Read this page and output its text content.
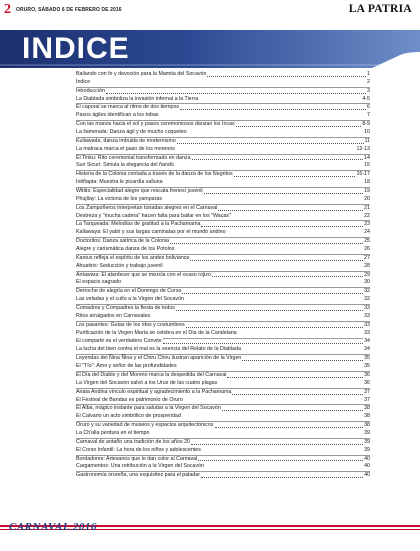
2 ORURO, SÁBADO 6 DE FEBRERO DE 2016	LA PATRIA
INDICE
Bailando con fe y devoción para la Mamita del Socavón	1
Índice	2
Introducción	3
La Diablada simboliza la invasión infernal a la Tierra	4-5
El caporal se marca al ritmo de dos tiempos	6
Pasos ágiles identifican a los tobas	7
Con las manos hacia el sol y pasos ceremoniosos danzan los Incas	8-9
La llamerada: Danza ágil y de mucho coqueteo	10
Kullawada, danza imbuida de modernismo	11
La matraca marca el paso de los morenos	12-13
El Tinku: Rito ceremonial transformado en danza	14
Suri Sicuri: Simula la elegancia del ñandú	15
Historia de la Colonia contada a través de la danza de los Negritos	16-17
Intiñapta: Muestra le picardía valluna	18
Wititis: Especialidad alegre que rescata frenesí juvenil	19
Phujllay: La victoria de los yamparas	20
Los Zampoñeros interpretan tonadas alegres en el Carnaval	21
Destreza y "mucha cadera" hacen falta para bailar en los "Wacas"	22
La Tarqueada: Melodías de gratitud a la Pachamama	23
Kallawaya: El yatiri y sus largas caminatas por el mundo andino	24
Doctoritos: Danza satírica de la Colonia	25
Alegre y carismática danza de los Potolos	26
Kantus refleja el espíritu de los andes bolivianos	27
Ahuatiris: Seducción y trabajo juvenil	28
Antawara: El atardecer que se mezcla con el ocaso rojizo	29
El espacio sagrado	30
Derroche de alegría en el Domingo de Corso	32
Las veladas y el culto a la Virgen del Socavón	32
Comadres y Compadres la fiesta de todos	33
Ritos arraigados en Carnavales	33
Los pasantes: Guías de los ritos y costumbres	33
Purificación de la Virgen María se celebra en el Día de la Candelaria	33
El compartir es el verdadero Convite	34
La lucha del bien contra el mal es la esencia del Relato de la Diablada	34
Leyendas del Ñina Ñina y el Chiru Chiru ilustran aparición de la Virgen	35
El "Tío": Amo y señor de las profundidades	35
El Día del Diablo y del Moreno marca la despedida del Carnaval	36
La Virgen del Socavón salvó a los Urus de las cuatro plagas	36
Anata Andina vínculo espiritual y agradecimiento a la Pachamama	37
El Festival de Bandas es patrimonio de Oruro	37
El Alba, mágico instante para saludar a la Virgen del Socavón	38
El Calvario un acto simbólico de prosperidad	38
Oruro y su variedad de museos y espacios arquitectónicos	38
La Ch'alla perdura en el tiempo	39
Carnaval de antaño una tradición de los años 20	39
El Corso Infantil: La hora de los niños y adolescentes	39
Bordadores: Artesanos que le dan color al Carnaval	40
Cargamentos: Una retribución a la Virgen del Socavón	40
Gastronomía orureña, una exquisitez para el paladar	40
CARNAVAL 2016
